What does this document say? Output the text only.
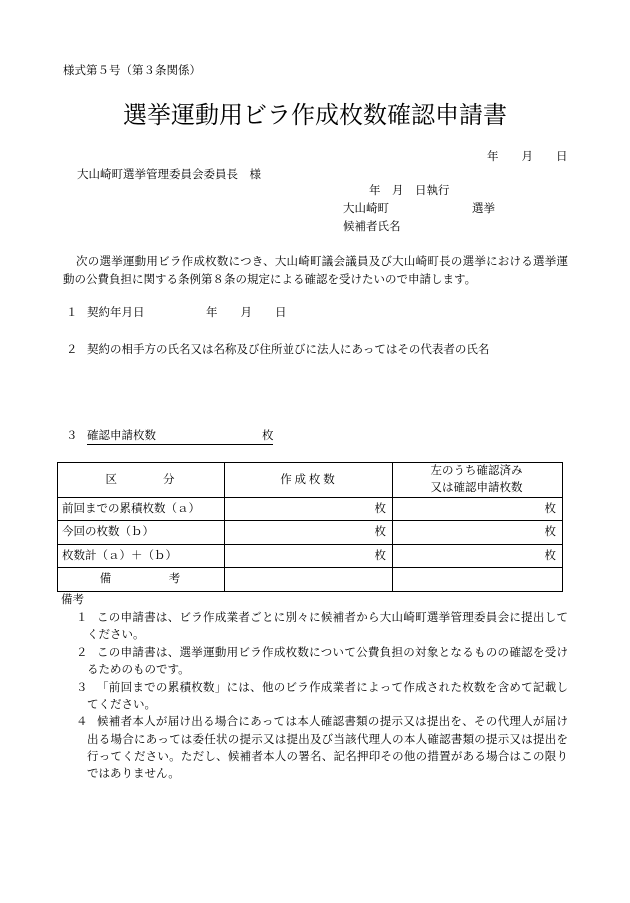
様式第５号（第３条関係）
選挙運動用ビラ作成枚数確認申請書
年　　月　　日
大山崎町選挙管理委員会委員長　様
年　月　日執行
大山崎町	選挙
候補者氏名
次の選挙運動用ビラ作成枚数につき、大山崎町議会議員及び大山崎町長の選挙における選挙運
動の公費負担に関する条例第８条の規定による確認を受けたいので申請します。
１ 契約年月日	年　　月　　日
２ 契約の相手方の氏名又は名称及び住所並びに法人にあってはその代表者の氏名
３ 確認申請枚数	枚
区　　　　分	作 成 枚 数	左のうち確認済み
又は確認申請枚数

前回までの累積枚数（ａ）	枚	枚
今回の枚数（ｂ）	枚	枚
枚数計（ａ）＋（ｂ）	枚	枚
備　　　　　考		
備考
１ この申請書は、ビラ作成業者ごとに別々に候補者から大山崎町選挙管理委員会に提出して
ください。
２ この申請書は、選挙運動用ビラ作成枚数について公費負担の対象となるものの確認を受け
るためのものです。
３ 「前回までの累積枚数」には、他のビラ作成業者によって作成された枚数を含めて記載し
てください。
４ 候補者本人が届け出る場合にあっては本人確認書類の提示又は提出を、その代理人が届け
出る場合にあっては委任状の提示又は提出及び当該代理人の本人確認書類の提示又は提出を
行ってください。ただし、候補者本人の署名、記名押印その他の措置がある場合はこの限り
ではありません。
